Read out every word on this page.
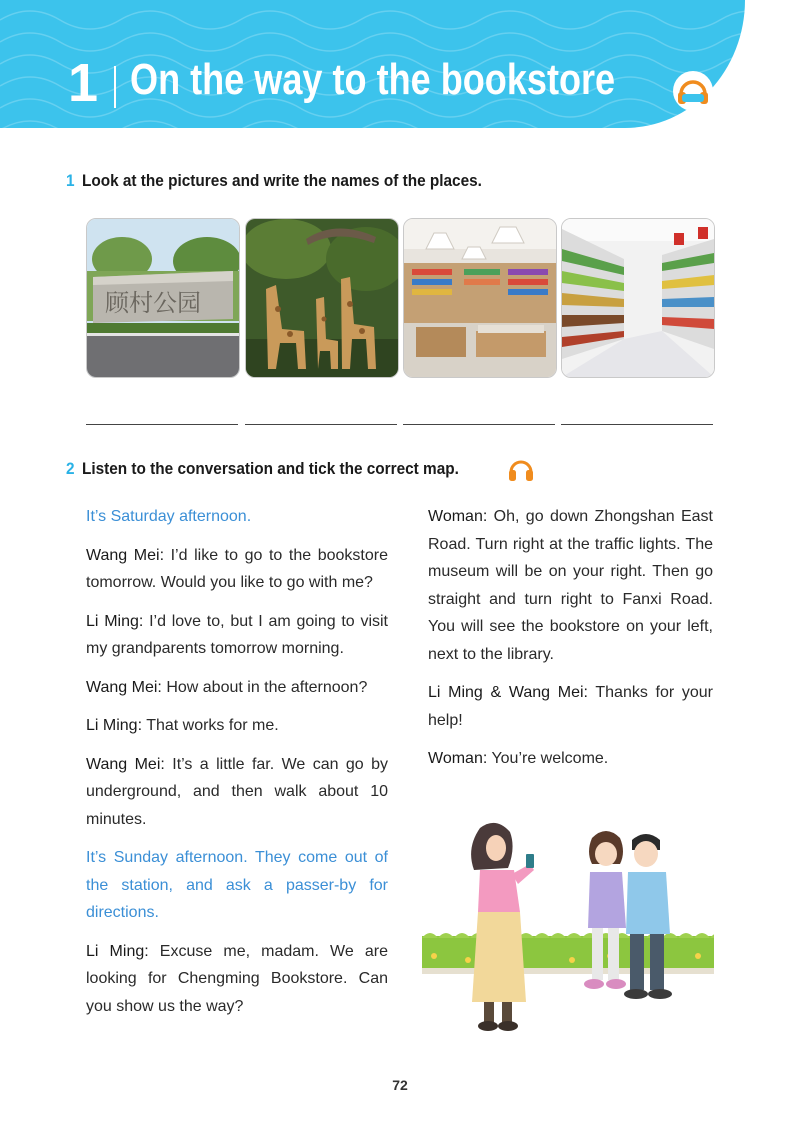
1 On the way to the bookstore
1 Look at the pictures and write the names of the places.
顾村公园
2 Listen to the conversation and tick the correct map.

It’s Saturday afternoon.

Wang Mei: I’d like to go to the bookstore tomorrow. Would you like to go with me?

Li Ming: I’d love to, but I am going to visit my grandparents tomorrow morning.

Wang Mei: How about in the afternoon?

Li Ming: That works for me.

Wang Mei: It’s a little far. We can go by underground, and then walk about 10 minutes.

It’s Sunday afternoon. They come out of the station, and ask a passer-by for directions.

Li Ming: Excuse me, madam. We are looking for Chengming Bookstore. Can you show us the way?

Woman: Oh, go down Zhongshan East Road. Turn right at the traffic lights. The museum will be on your right. Then go straight and turn right to Fanxi Road. You will see the bookstore on your left, next to the library.

Li Ming & Wang Mei: Thanks for your help!

Woman: You’re welcome.

72
